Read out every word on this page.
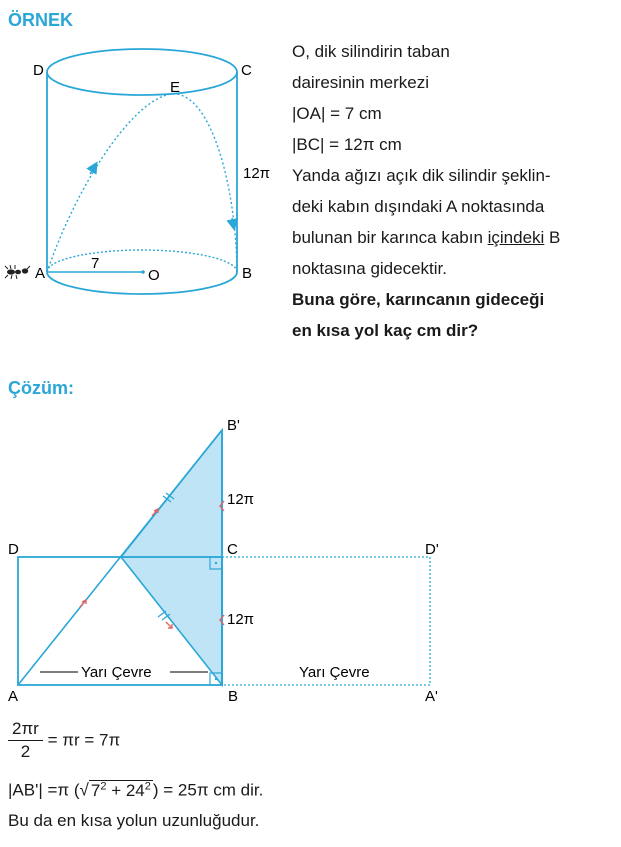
ÖRNEK
D	C
E
A	B
O
7
12π
O, dik silindirin taban
dairesinin merkezi
|OA| = 7 cm
|BC| = 12π cm
Yanda ağızı açık dik silindir şeklin-
deki kabın dışındaki A noktasında
bulunan bir karınca kabın içindeki B
noktasına gidecektir.
Buna göre, karıncanın gideceği
en kısa yol kaç cm dir?
Çözüm:
B'
12π
D	C	D'
12π
Yarı Çevre	Yarı Çevre
A	B	A'
$\frac{2\pi r}{2} = \pi r = 7\pi$
|AB'| =π (√ $7^2 + 24^2$ ) = 25π cm dir.
Bu da en kısa yolun uzunluğudur.
